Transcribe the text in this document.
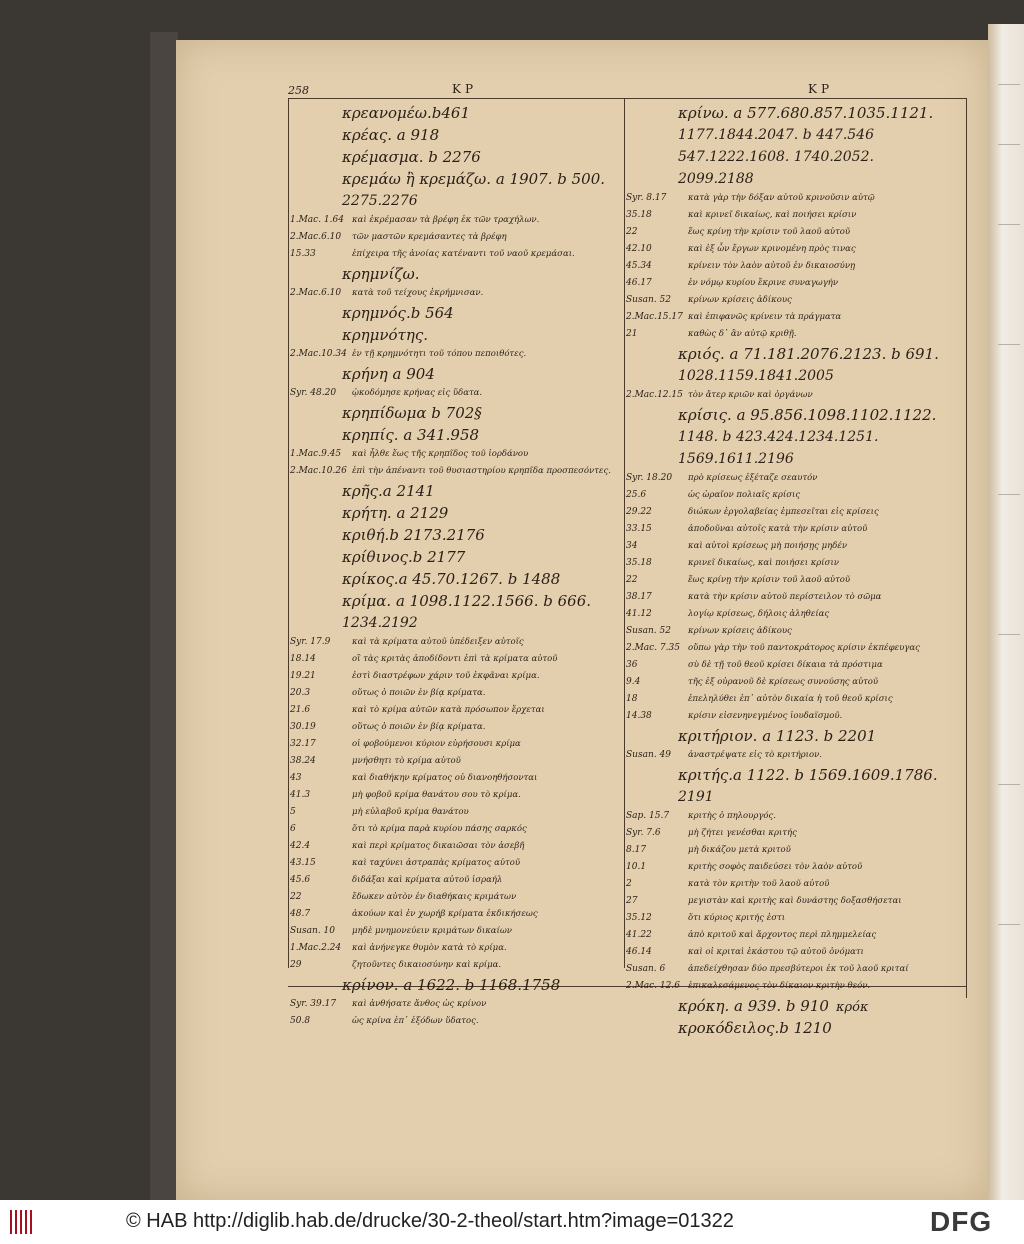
258	ΚΡ	ΚΡ
κρεανομέω.b461
κρέας. a 918
κρέμασμα. b 2276
κρεμάω ἢ κρεμάζω. a 1907. b 500.
2275.2276
1.Mac. 1.64 καὶ ἐκρέμασαν τὰ βρέφη ἐκ τῶν τραχήλων.
2.Mac.6.10	τῶν μαστῶν κρεμάσαντες τὰ βρέφη
15.33	ἐπίχειρα τῆς ἀνοίας κατέναντι τοῦ ναοῦ κρεμάσαι.
κρημνίζω.
2.Mac.6.10	κατὰ τοῦ τείχους ἐκρήμνισαν.
κρημνός.b 564
κρημνότης.
2.Mac.10.34 ἐν τῇ κρημνότητι τοῦ τόπου πεποιθότες.
κρήνη a 904
Syr. 48.20	ᾠκοδόμησε κρήνας εἰς ὕδατα.
κρηπίδωμα b 702§
κρηπίς. a 341.958
1.Mac.9.45	καὶ ἦλθε ἕως τῆς κρηπῖδος τοῦ ἰορδάνου
2.Mac.10.26 ἐπὶ τὴν ἀπέναντι τοῦ θυσιαστηρίου κρηπῖδα προσπεσόντες.
κρῆς.a 2141
κρήτη. a 2129
κριθή.b 2173.2176
κρίθινος.b 2177
κρίκος.a 45.70.1267. b 1488
κρίμα. a 1098.1122.1566. b 666.
1234.2192
Syr. 17.9	καὶ τὰ κρίματα αὐτοῦ ὑπέδειξεν αὐτοῖς
18.14	οἳ τὰς κριτὰς ἀποδίδοντι ἐπὶ τὰ κρίματα αὐτοῦ
19.21	ἐστὶ διαστρέφων χάριν τοῦ ἐκφᾶναι κρίμα.
20.3	οὕτως ὁ ποιῶν ἐν βίᾳ κρίματα.
21.6	καὶ τὸ κρίμα αὐτῶν κατὰ πρόσωπον ἔρχεται
30.19	οὕτως ὁ ποιῶν ἐν βίᾳ κρίματα.
32.17	οἱ φοβούμενοι κύριον εὑρήσουσι κρίμα
38.24	μνήσθητι τὸ κρίμα αὐτοῦ
43	καὶ διαθήκην κρίματος οὐ διανοηθήσονται
41.3	μὴ φοβοῦ κρίμα θανάτου σου τὸ κρίμα.
5	μὴ εὐλαβοῦ κρίμα θανάτου
6	ὅτι τὸ κρίμα παρὰ κυρίου πάσης σαρκός
42.4	καὶ περὶ κρίματος δικαιῶσαι τὸν ἀσεβῆ
43.15	καὶ ταχύνει ἀστραπὰς κρίματος αὐτοῦ
45.6	διδάξαι καὶ κρίματα αὐτοῦ ἰσραήλ
22	ἔδωκεν αὐτὸν ἐν διαθήκαις κριμάτων
48.7	ἀκούων καὶ ἐν χωρήβ κρίματα ἐκδικήσεως
Susan. 10	μηδὲ μνημονεύειν κριμάτων δικαίων
1.Mac.2.24	καὶ ἀνήνεγκε θυμὸν κατὰ τὸ κρίμα.
29	ζητοῦντες δικαιοσύνην καὶ κρίμα.
κρίνον. a 1622. b 1168.1758
Syr. 39.17	καὶ ἀνθήσατε ἄνθος ὡς κρίνον
50.8	ὡς κρίνα ἐπ᾽ ἐξόδων ὕδατος.
κρίνω. a 577.680.857.1035.1121.
1177.1844.2047. b 447.546
547.1222.1608. 1740.2052.
2099.2188
Syr. 8.17	κατὰ γὰρ τὴν δόξαν αὐτοῦ κρινοῦσιν αὐτῷ
35.18	καὶ κρινεῖ δικαίως, καὶ ποιήσει κρίσιν
22	ἕως κρίνῃ τὴν κρίσιν τοῦ λαοῦ αὐτοῦ
42.10	καὶ ἐξ ὧν ἔργων κρινομένη πρὸς τινας
45.34	κρίνειν τὸν λαὸν αὐτοῦ ἐν δικαιοσύνῃ
46.17	ἐν νόμῳ κυρίου ἔκρινε συναγωγήν
Susan. 52	κρίνων κρίσεις ἀδίκους
2.Mac.15.17 καὶ ἐπιφανῶς κρίνειν τὰ πράγματα
21	καθὼς δ᾽ ἂν αὐτῷ κριθῇ.
κριός. a 71.181.2076.2123. b 691.
1028.1159.1841.2005
2.Mac.12.15 τὸν ἄτερ κριῶν καὶ ὀργάνων
κρίσις. a 95.856.1098.1102.1122.
1148. b 423.424.1234.1251.
1569.1611.2196
Syr. 18.20	πρὸ κρίσεως ἐξέταζε σεαυτόν
25.6	ὡς ὡραῖον πολιαῖς κρίσις
29.22	διώκων ἐργολαβείας ἐμπεσεῖται εἰς κρίσεις
33.15	ἀποδοῦναι αὐτοῖς κατὰ τὴν κρίσιν αὐτοῦ
34	καὶ αὐτοὶ κρίσεως μὴ ποιήσῃς μηδέν
35.18	κρινεῖ δικαίως, καὶ ποιήσει κρίσιν
22	ἕως κρίνῃ τὴν κρίσιν τοῦ λαοῦ αὐτοῦ
38.17	κατὰ τὴν κρίσιν αὐτοῦ περίστειλον τὸ σῶμα
41.12	λογίῳ κρίσεως, δήλοις ἀληθείας
Susan. 52	κρίνων κρίσεις ἀδίκους
2.Mac. 7.35 οὔπω γὰρ τὴν τοῦ παντοκράτορος κρίσιν ἐκπέφευγας
36	σὺ δὲ τῇ τοῦ θεοῦ κρίσει δίκαια τὰ πρόστιμα
9.4	τῆς ἐξ οὐρανοῦ δὲ κρίσεως συνούσης αὐτοῦ
18	ἐπεληλύθει ἐπ᾽ αὐτὸν δικαία ἡ τοῦ θεοῦ κρίσις
14.38	κρίσιν εἰσενηνεγμένος ἰουδαϊσμοῦ.
κριτήριον. a 1123. b 2201
Susan. 49	ἀναστρέψατε εἰς τὸ κριτήριον.
κριτής.a 1122. b 1569.1609.1786.
2191
Sap. 15.7	κριτὴς ὁ πηλουργός.
Syr. 7.6	μὴ ζήτει γενέσθαι κριτής
8.17	μὴ δικάζου μετὰ κριτοῦ
10.1	κριτὴς σοφὸς παιδεύσει τὸν λαὸν αὐτοῦ
2	κατὰ τὸν κριτὴν τοῦ λαοῦ αὐτοῦ
27	μεγιστὰν καὶ κριτὴς καὶ δυνάστης δοξασθήσεται
35.12	ὅτι κύριος κριτής ἐστι
41.22	ἀπὸ κριτοῦ καὶ ἄρχοντος περὶ πλημμελείας
46.14	καὶ οἱ κριταὶ ἑκάστου τῷ αὐτοῦ ὀνόματι
Susan. 6	ἀπεδείχθησαν δύο πρεσβύτεροι ἐκ τοῦ λαοῦ κριταί
2.Mac. 12.6 ἐπικαλεσάμενος τὸν δίκαιον κριτὴν θεόν.
κρόκη. a 939. b 910
κροκόδειλος.b 1210
κρόκ
© HAB http://diglib.hab.de/drucke/30-2-theol/start.htm?image=01322	DFG
